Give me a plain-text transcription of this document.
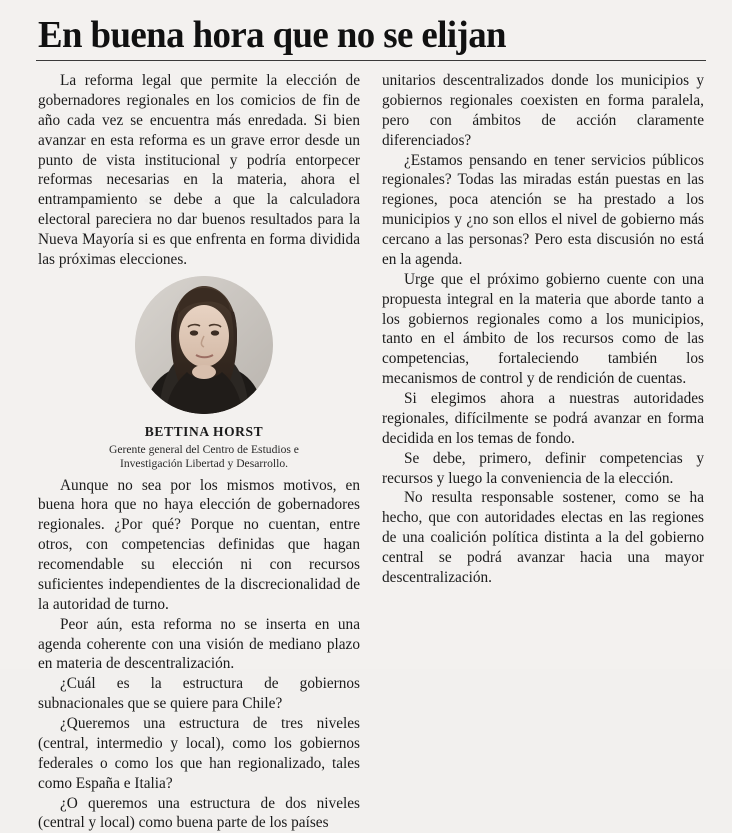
En buena hora que no se elijan

La reforma legal que permite la elección de gobernadores regionales en los comicios de fin de año cada vez se encuentra más enredada. Si bien avanzar en esta reforma es un grave error desde un punto de vista institucional y podría entorpecer reformas necesarias en la materia, ahora el entrampamiento se debe a que la calculadora electoral pareciera no dar buenos resultados para la Nueva Mayoría si es que enfrenta en forma dividida las próximas elecciones.

BETTINA HORST
Gerente general del Centro de Estudios e Investigación Libertad y Desarrollo.

Aunque no sea por los mismos motivos, en buena hora que no haya elección de gobernadores regionales. ¿Por qué? Porque no cuentan, entre otros, con competencias definidas que hagan recomendable su elección ni con recursos suficientes independientes de la discrecionalidad de la autoridad de turno.

Peor aún, esta reforma no se inserta en una agenda coherente con una visión de mediano plazo en materia de descentralización.

¿Cuál es la estructura de gobiernos subnacionales que se quiere para Chile?

¿Queremos una estructura de tres niveles (central, intermedio y local), como los gobiernos federales o como los que han regionalizado, tales como España e Italia?

¿O queremos una estructura de dos niveles (central y local) como buena parte de los países

unitarios descentralizados donde los municipios y gobiernos regionales coexisten en forma paralela, pero con ámbitos de acción claramente diferenciados?

¿Estamos pensando en tener servicios públicos regionales? Todas las miradas están puestas en las regiones, poca atención se ha prestado a los municipios y ¿no son ellos el nivel de gobierno más cercano a las personas? Pero esta discusión no está en la agenda.

Urge que el próximo gobierno cuente con una propuesta integral en la materia que aborde tanto a los gobiernos regionales como a los municipios, tanto en el ámbito de los recursos como de las competencias, fortaleciendo también los mecanismos de control y de rendición de cuentas.

Si elegimos ahora a nuestras autoridades regionales, difícilmente se podrá avanzar en forma decidida en los temas de fondo.

Se debe, primero, definir competencias y recursos y luego la conveniencia de la elección.

No resulta responsable sostener, como se ha hecho, que con autoridades electas en las regiones de una coalición política distinta a la del gobierno central se podrá avanzar hacia una mayor descentralización.
